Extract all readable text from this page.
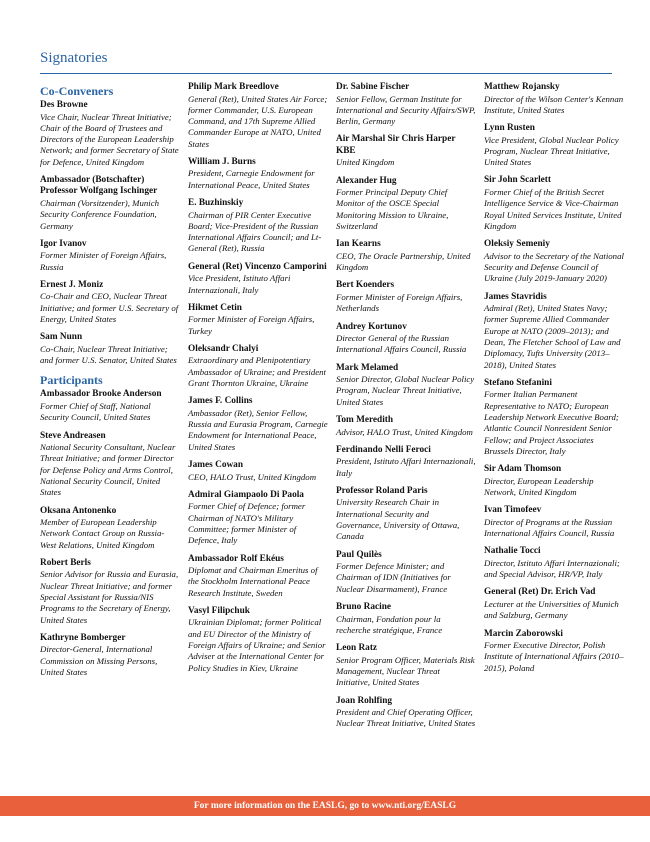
Signatories
Co-Conveners
Des Browne
Vice Chair, Nuclear Threat Initiative; Chair of the Board of Trustees and Directors of the European Leadership Network; and former Secretary of State for Defence, United Kingdom
Ambassador (Botschafter) Professor Wolfgang Ischinger
Chairman (Vorsitzender), Munich Security Conference Foundation, Germany
Igor Ivanov
Former Minister of Foreign Affairs, Russia
Ernest J. Moniz
Co-Chair and CEO, Nuclear Threat Initiative; and former U.S. Secretary of Energy, United States
Sam Nunn
Co-Chair, Nuclear Threat Initiative; and former U.S. Senator, United States
Participants
Ambassador Brooke Anderson
Former Chief of Staff, National Security Council, United States
Steve Andreasen
National Security Consultant, Nuclear Threat Initiative; and former Director for Defense Policy and Arms Control, National Security Council, United States
Oksana Antonenko
Member of European Leadership Network Contact Group on Russia-West Relations, United Kingdom
Robert Berls
Senior Advisor for Russia and Eurasia, Nuclear Threat Initiative; and former Special Assistant for Russia/NIS Programs to the Secretary of Energy, United States
Kathryne Bomberger
Director-General, International Commission on Missing Persons, United States
Philip Mark Breedlove
General (Ret), United States Air Force; former Commander, U.S. European Command, and 17th Supreme Allied Commander Europe at NATO, United States
William J. Burns
President, Carnegie Endowment for International Peace, United States
E. Buzhinskiy
Chairman of PIR Center Executive Board; Vice-President of the Russian International Affairs Council; and Lt-General (Ret), Russia
General (Ret) Vincenzo Camporini
Vice President, Istituto Affari Internazionali, Italy
Hikmet Cetin
Former Minister of Foreign Affairs, Turkey
Oleksandr Chalyi
Extraordinary and Plenipotentiary Ambassador of Ukraine; and President Grant Thornton Ukraine, Ukraine
James F. Collins
Ambassador (Ret), Senior Fellow, Russia and Eurasia Program, Carnegie Endowment for International Peace, United States
James Cowan
CEO, HALO Trust, United Kingdom
Admiral Giampaolo Di Paola
Former Chief of Defence; former Chairman of NATO's Military Committee; former Minister of Defence, Italy
Ambassador Rolf Ekéus
Diplomat and Chairman Emeritus of the Stockholm International Peace Research Institute, Sweden
Vasyl Filipchuk
Ukrainian Diplomat; former Political and EU Director of the Ministry of Foreign Affairs of Ukraine; and Senior Adviser at the International Center for Policy Studies in Kiev, Ukraine
Dr. Sabine Fischer
Senior Fellow, German Institute for International and Security Affairs/SWP, Berlin, Germany
Air Marshal Sir Chris Harper KBE
United Kingdom
Alexander Hug
Former Principal Deputy Chief Monitor of the OSCE Special Monitoring Mission to Ukraine, Switzerland
Ian Kearns
CEO, The Oracle Partnership, United Kingdom
Bert Koenders
Former Minister of Foreign Affairs, Netherlands
Andrey Kortunov
Director General of the Russian International Affairs Council, Russia
Mark Melamed
Senior Director, Global Nuclear Policy Program, Nuclear Threat Initiative, United States
Tom Meredith
Advisor, HALO Trust, United Kingdom
Ferdinando Nelli Feroci
President, Istituto Affari Internazionali, Italy
Professor Roland Paris
University Research Chair in International Security and Governance, University of Ottawa, Canada
Paul Quilès
Former Defence Minister; and Chairman of IDN (Initiatives for Nuclear Disarmament), France
Bruno Racine
Chairman, Fondation pour la recherche stratégique, France
Leon Ratz
Senior Program Officer, Materials Risk Management, Nuclear Threat Initiative, United States
Joan Rohlfing
President and Chief Operating Officer, Nuclear Threat Initiative, United States
Matthew Rojansky
Director of the Wilson Center's Kennan Institute, United States
Lynn Rusten
Vice President, Global Nuclear Policy Program, Nuclear Threat Initiative, United States
Sir John Scarlett
Former Chief of the British Secret Intelligence Service & Vice-Chairman Royal United Services Institute, United Kingdom
Oleksiy Semeniy
Advisor to the Secretary of the National Security and Defense Council of Ukraine (July 2019-January 2020)
James Stavridis
Admiral (Ret), United States Navy; former Supreme Allied Commander Europe at NATO (2009–2013); and Dean, The Fletcher School of Law and Diplomacy, Tufts University (2013–2018), United States
Stefano Stefanini
Former Italian Permanent Representative to NATO; European Leadership Network Executive Board; Atlantic Council Nonresident Senior Fellow; and Project Associates Brussels Director, Italy
Sir Adam Thomson
Director, European Leadership Network, United Kingdom
Ivan Timofeev
Director of Programs at the Russian International Affairs Council, Russia
Nathalie Tocci
Director, Istituto Affari Internazionali; and Special Advisor, HR/VP, Italy
General (Ret) Dr. Erich Vad
Lecturer at the Universities of Munich and Salzburg, Germany
Marcin Zaborowski
Former Executive Director, Polish Institute of International Affairs (2010–2015), Poland
For more information on the EASLG, go to www.nti.org/EASLG
